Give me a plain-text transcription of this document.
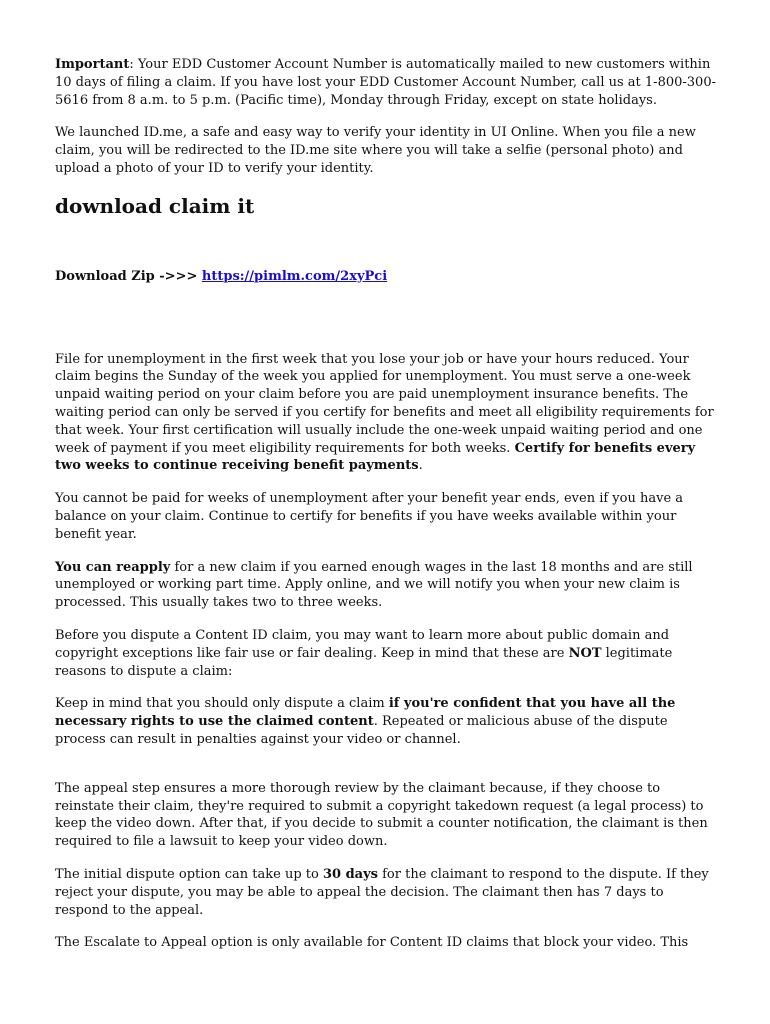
Important: Your EDD Customer Account Number is automatically mailed to new customers within 10 days of filing a claim. If you have lost your EDD Customer Account Number, call us at 1-800-300-5616 from 8 a.m. to 5 p.m. (Pacific time), Monday through Friday, except on state holidays.

We launched ID.me, a safe and easy way to verify your identity in UI Online. When you file a new claim, you will be redirected to the ID.me site where you will take a selfie (personal photo) and upload a photo of your ID to verify your identity.

download claim it
Download Zip ->>> https://pimlm.com/2xyPci

File for unemployment in the first week that you lose your job or have your hours reduced. Your claim begins the Sunday of the week you applied for unemployment. You must serve a one-week unpaid waiting period on your claim before you are paid unemployment insurance benefits. The waiting period can only be served if you certify for benefits and meet all eligibility requirements for that week. Your first certification will usually include the one-week unpaid waiting period and one week of payment if you meet eligibility requirements for both weeks. Certify for benefits every two weeks to continue receiving benefit payments.

You cannot be paid for weeks of unemployment after your benefit year ends, even if you have a balance on your claim. Continue to certify for benefits if you have weeks available within your benefit year.

You can reapply for a new claim if you earned enough wages in the last 18 months and are still unemployed or working part time. Apply online, and we will notify you when your new claim is processed. This usually takes two to three weeks.

Before you dispute a Content ID claim, you may want to learn more about public domain and copyright exceptions like fair use or fair dealing. Keep in mind that these are NOT legitimate reasons to dispute a claim:

Keep in mind that you should only dispute a claim if you're confident that you have all the necessary rights to use the claimed content. Repeated or malicious abuse of the dispute process can result in penalties against your video or channel.

The appeal step ensures a more thorough review by the claimant because, if they choose to reinstate their claim, they're required to submit a copyright takedown request (a legal process) to keep the video down. After that, if you decide to submit a counter notification, the claimant is then required to file a lawsuit to keep your video down.

The initial dispute option can take up to 30 days for the claimant to respond to the dispute. If they reject your dispute, you may be able to appeal the decision. The claimant then has 7 days to respond to the appeal.

The Escalate to Appeal option is only available for Content ID claims that block your video. This
